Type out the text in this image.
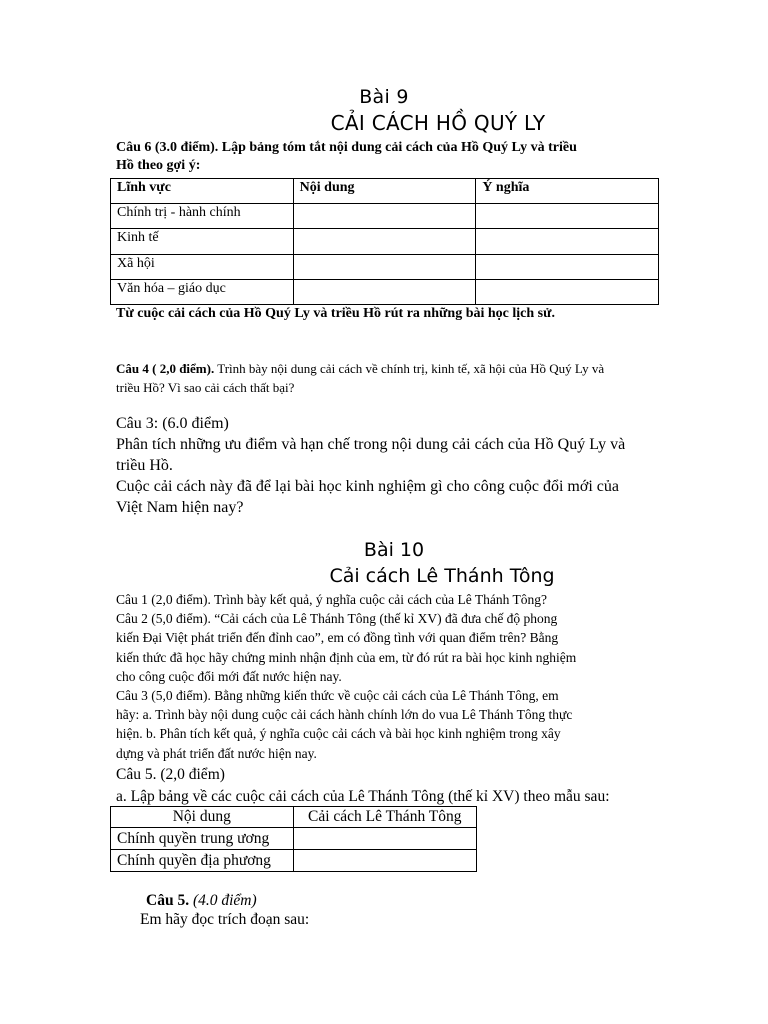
Bài 9
CẢI CÁCH HỒ QUÝ LY
Câu 6 (3.0 điểm). Lập bảng tóm tắt nội dung cải cách của Hồ Quý Ly và triều
Hồ theo gợi ý:
Lĩnh vực	Nội dung	Ý nghĩa
Chính trị - hành chính		
Kinh tế		
Xã hội		
Văn hóa – giáo dục		
Từ cuộc cải cách của Hồ Quý Ly và triều Hồ rút ra những bài học lịch sử.
Câu 4 ( 2,0 điểm). Trình bày nội dung cải cách về chính trị, kinh tế, xã hội của Hồ Quý Ly và
triều Hồ? Vì sao cải cách thất bại?
Câu 3: (6.0 điểm)
Phân tích những ưu điểm và hạn chế trong nội dung cải cách của Hồ Quý Ly và
triều Hồ.
Cuộc cải cách này đã để lại bài học kinh nghiệm gì cho công cuộc đổi mới của
Việt Nam hiện nay?
Bài 10
Cải cách Lê Thánh Tông
Câu 1 (2,0 điểm). Trình bày kết quả, ý nghĩa cuộc cải cách của Lê Thánh Tông?
Câu 2 (5,0 điểm). “Cải cách của Lê Thánh Tông (thế kỉ XV) đã đưa chế độ phong
kiến Đại Việt phát triển đến đỉnh cao”, em có đồng tình với quan điểm trên? Bằng
kiến thức đã học hãy chứng minh nhận định của em, từ đó rút ra bài học kinh nghiệm
cho công cuộc đổi mới đất nước hiện nay.
Câu 3 (5,0 điểm). Bằng những kiến thức về cuộc cải cách của Lê Thánh Tông, em
hãy: a. Trình bày nội dung cuộc cải cách hành chính lớn do vua Lê Thánh Tông thực
hiện. b. Phân tích kết quả, ý nghĩa cuộc cải cách và bài học kinh nghiệm trong xây
dựng và phát triển đất nước hiện nay.
Câu 5. (2,0 điểm)
a. Lập bảng về các cuộc cải cách của Lê Thánh Tông (thế kỉ XV) theo mẫu sau:
Nội dung	Cải cách Lê Thánh Tông
Chính quyền trung ương	
Chính quyền địa phương	
Câu 5. (4.0 điểm)
Em hãy đọc trích đoạn sau:
